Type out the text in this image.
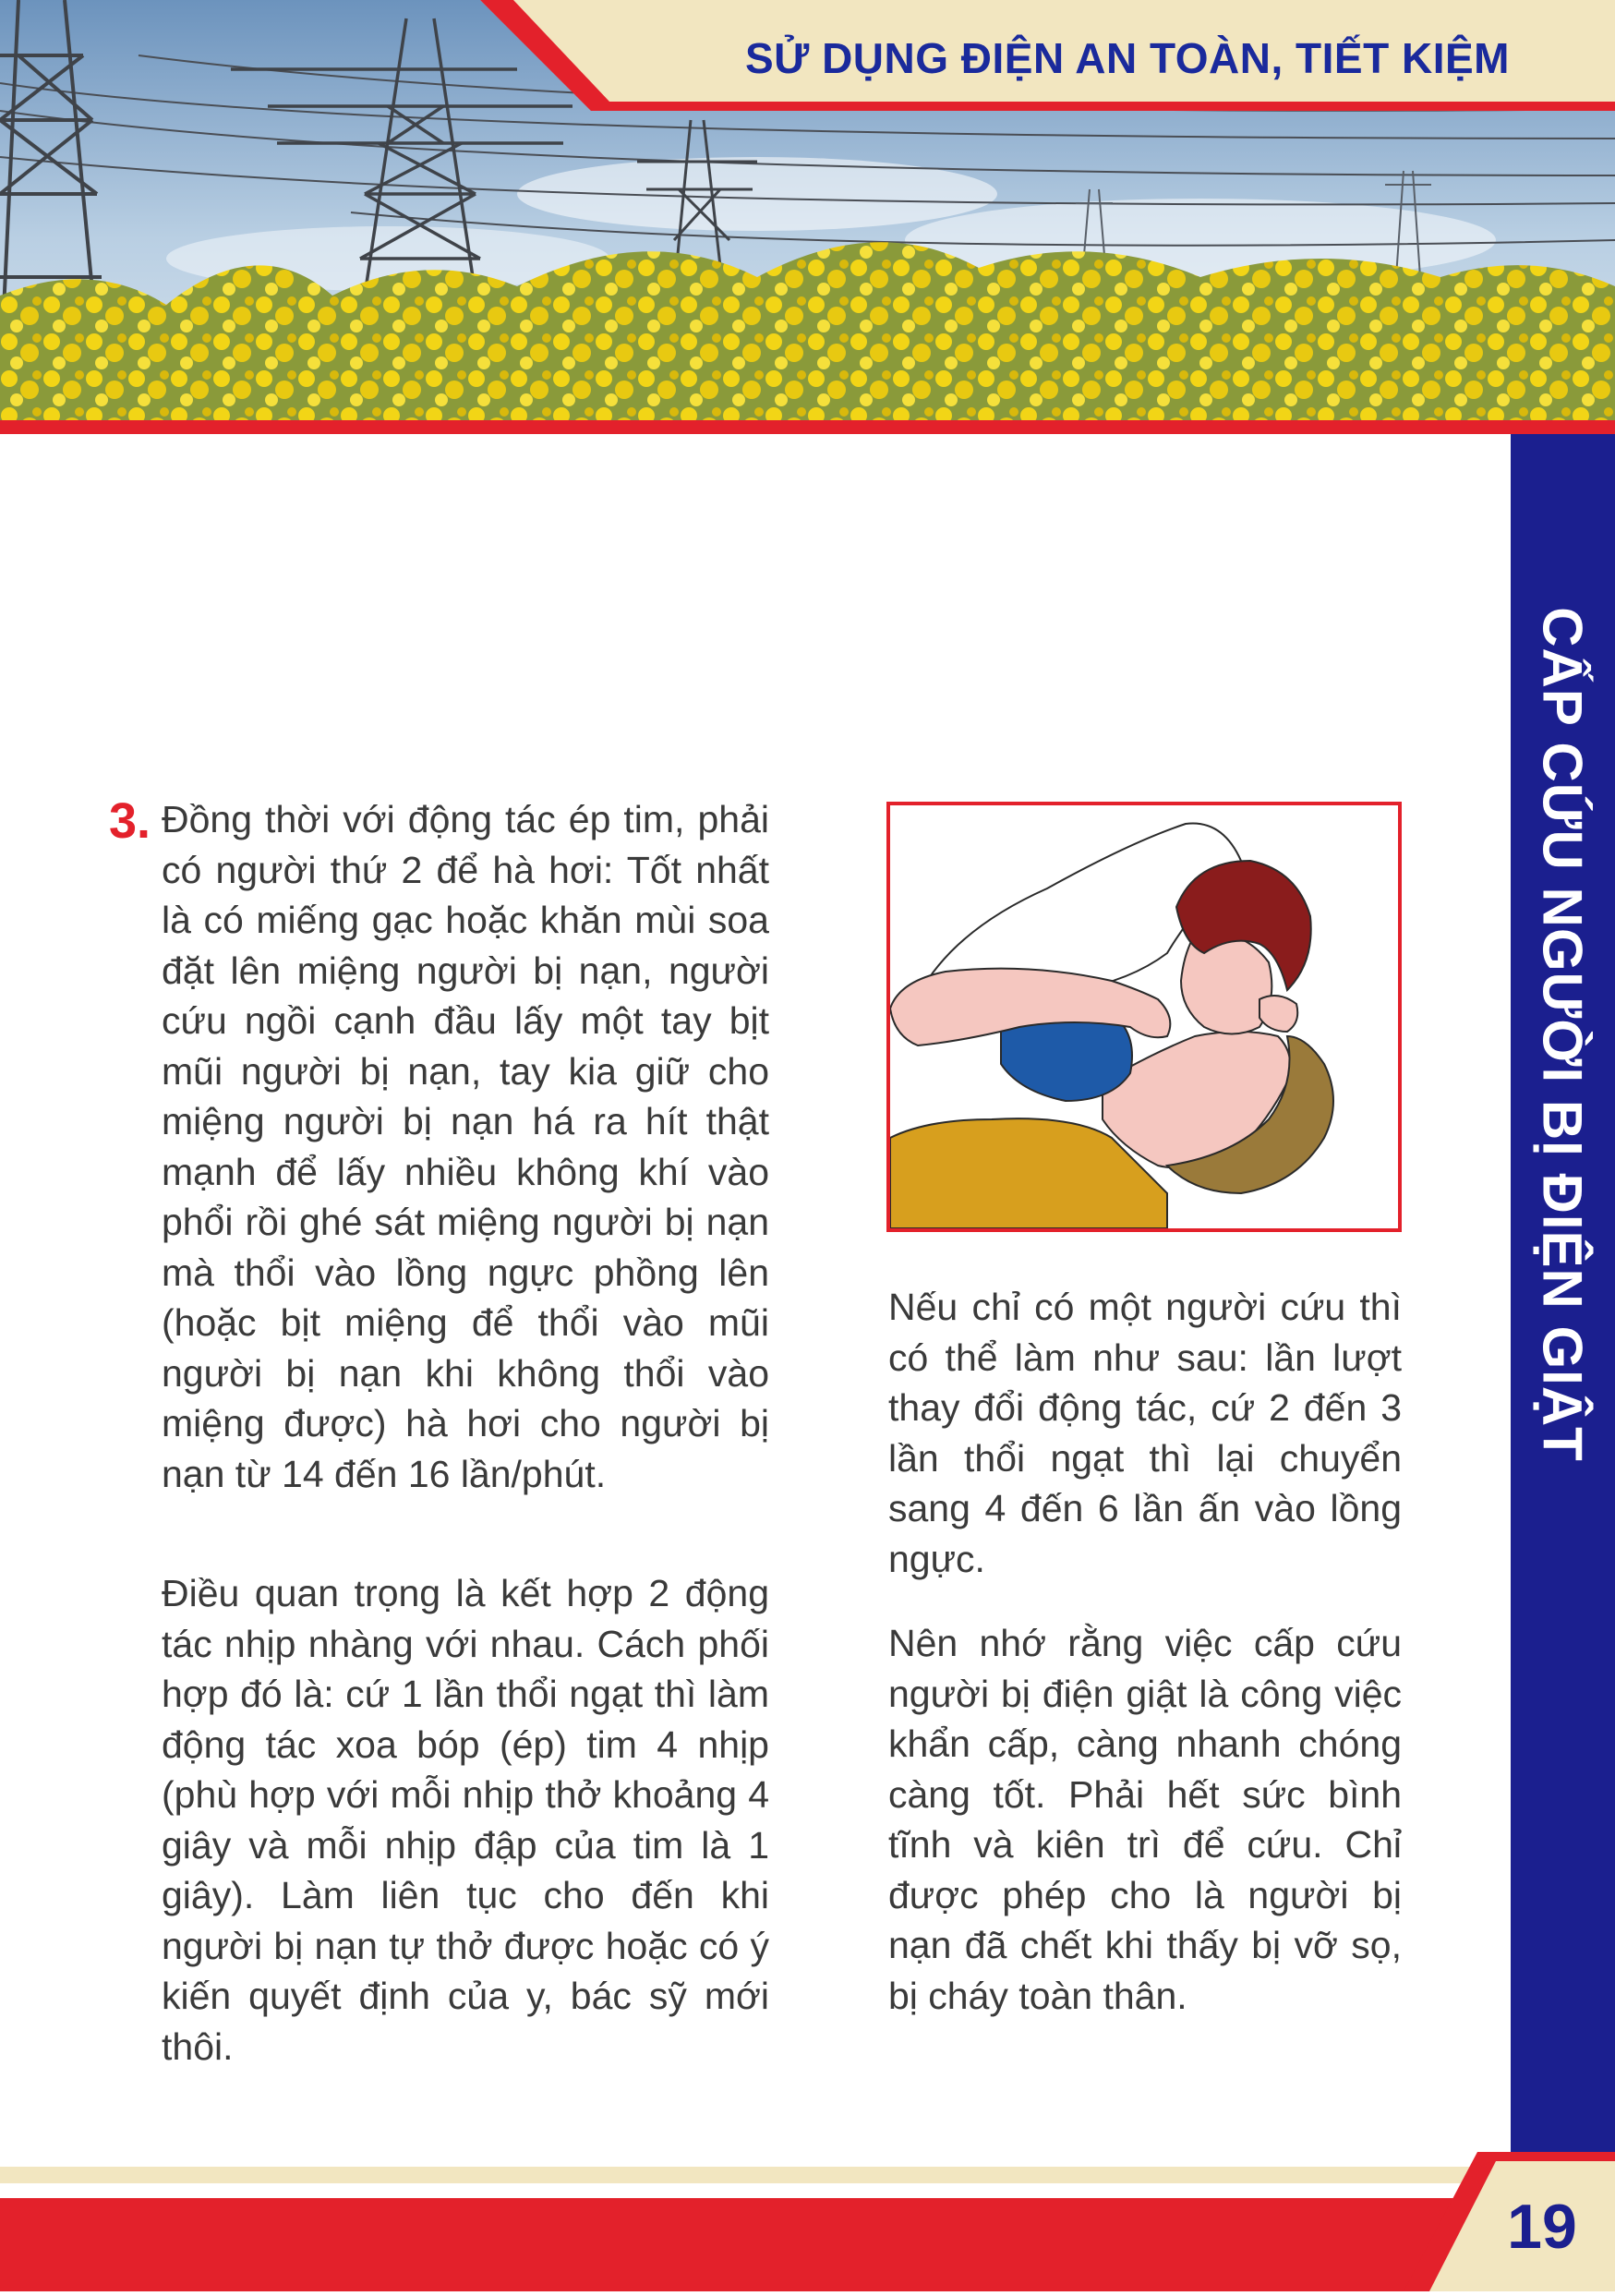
SỬ DỤNG ĐIỆN AN TOÀN, TIẾT KIỆM
CẤP CỨU NGƯỜI BỊ ĐIỆN GIẬT
3. Đồng thời với động tác ép tim, phải có người thứ 2 để hà hơi: Tốt nhất là có miếng gạc hoặc khăn mùi soa đặt lên miệng người bị nạn, người cứu ngồi cạnh đầu lấy một tay bịt mũi người bị nạn, tay kia giữ cho miệng người bị nạn há ra hít thật mạnh để lấy nhiều không khí vào phổi rồi ghé sát miệng người bị nạn mà thổi vào lồng ngực phồng lên (hoặc bịt miệng để thổi vào mũi người bị nạn khi không thổi vào miệng được) hà hơi cho người bị nạn từ 14 đến 16 lần/phút.

Điều quan trọng là kết hợp 2 động tác nhịp nhàng với nhau. Cách phối hợp đó là: cứ 1 lần thổi ngạt thì làm động tác xoa bóp (ép) tim 4 nhịp (phù hợp với mỗi nhịp thở khoảng 4 giây và mỗi nhịp đập của tim là 1 giây). Làm liên tục cho đến khi người bị nạn tự thở được hoặc có ý kiến quyết định của y, bác sỹ mới thôi.

Nếu chỉ có một người cứu thì có thể làm như sau: lần lượt thay đổi động tác, cứ 2 đến 3 lần thổi ngạt thì lại chuyển sang 4 đến 6 lần ấn vào lồng ngực.

Nên nhớ rằng việc cấp cứu người bị điện giật là công việc khẩn cấp, càng nhanh chóng càng tốt. Phải hết sức bình tĩnh và kiên trì để cứu. Chỉ được phép cho là người bị nạn đã chết khi thấy bị vỡ sọ, bị cháy toàn thân.

19
